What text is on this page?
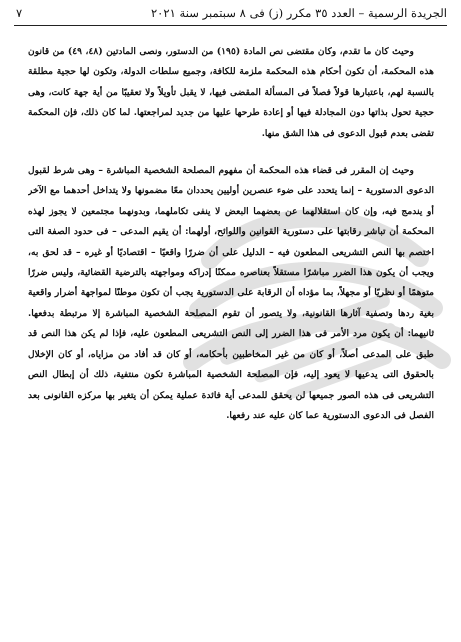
الجريدة الرسمية – العدد ٣٥ مكرر (ز) فى ٨ سبتمبر سنة ٢٠٢١
٧

وحيث كان ما تقدم، وكان مقتضى نص المادة (١٩٥) من الدستور، ونصى المادتين (٤٨، ٤٩) من قانون هذه المحكمة، أن تكون أحكام هذه المحكمة ملزمة للكافة، وجميع سلطات الدولة، وتكون لها حجية مطلقة بالنسبة لهم، باعتبارها قولاً فصلاً فى المسألة المقضى فيها، لا يقبل تأويلاً ولا تعقيبًا من أية جهة كانت، وهى حجية تحول بذاتها دون المجادلة فيها أو إعادة طرحها عليها من جديد لمراجعتها. لما كان ذلك، فإن المحكمة تقضى بعدم قبول الدعوى فى هذا الشق منها.

وحيث إن المقرر فى قضاء هذه المحكمة أن مفهوم المصلحة الشخصية المباشرة – وهى شرط لقبول الدعوى الدستورية – إنما يتحدد على ضوء عنصرين أوليين يحددان معًا مضمونها ولا يتداخل أحدهما مع الآخر أو يندمج فيه، وإن كان استقلالهما عن بعضهما البعض لا ينفى تكاملهما، وبدونهما مجتمعين لا يجوز لهذه المحكمة أن تباشر رقابتها على دستورية القوانين واللوائح، أولهما: أن يقيم المدعى – فى حدود الصفة التى اختصم بها النص التشريعى المطعون فيه – الدليل على أن ضررًا واقعيًا – اقتصاديًا أو غيره – قد لحق به، ويجب أن يكون هذا الضرر مباشرًا مستقلاً بعناصره ممكنًا إدراكه ومواجهته بالترضية القضائية، وليس ضررًا متوهمًا أو نظريًا أو مجهلاً، بما مؤداه أن الرقابة على الدستورية يجب أن تكون موطنًا لمواجهة أضرار واقعية بغية ردها وتصفية آثارها القانونية، ولا يتصور أن تقوم المصلحة الشخصية المباشرة إلا مرتبطة بدفعها. ثانيهما: أن يكون مرد الأمر فى هذا الضرر إلى النص التشريعى المطعون عليه، فإذا لم يكن هذا النص قد طبق على المدعى أصلاً، أو كان من غير المخاطبين بأحكامه، أو كان قد أفاد من مزاياه، أو كان الإخلال بالحقوق التى يدعيها لا يعود إليه، فإن المصلحة الشخصية المباشرة تكون منتفية، ذلك أن إبطال النص التشريعى فى هذه الصور جميعها لن يحقق للمدعى أية فائدة عملية يمكن أن يتغير بها مركزه القانونى بعد الفصل فى الدعوى الدستورية عما كان عليه عند رفعها.
